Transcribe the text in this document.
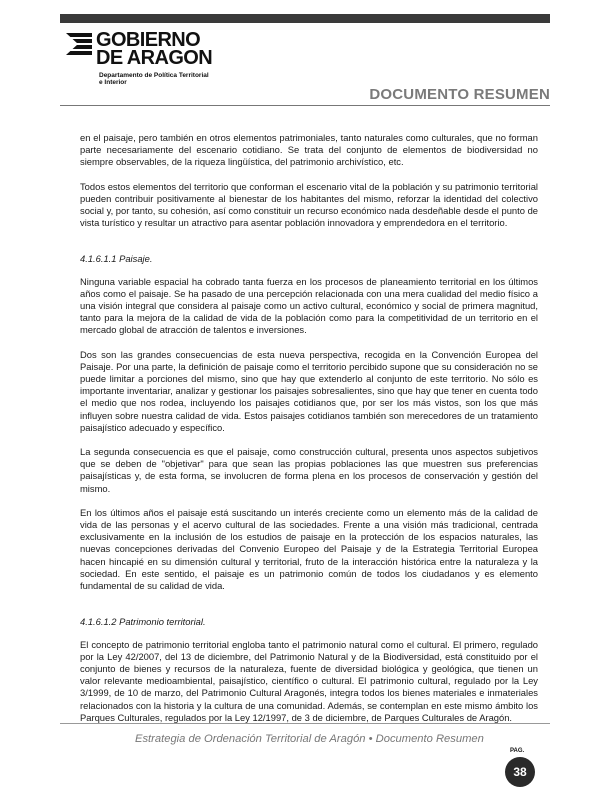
GOBIERNO
DE ARAGON
Departamento de Política Territorial
e Interior
DOCUMENTO RESUMEN

en el paisaje, pero también en otros elementos patrimoniales, tanto naturales como culturales, que no forman parte necesariamente del escenario cotidiano. Se trata del conjunto de elementos de biodiversidad no siempre observables, de la riqueza lingüística, del patrimonio archivístico, etc.

Todos estos elementos del territorio que conforman el escenario vital de la población y su patrimonio territorial pueden contribuir positivamente al bienestar de los habitantes del mismo, reforzar la identidad del colectivo social y, por tanto, su cohesión, así como constituir un recurso económico nada desdeñable desde el punto de vista turístico y resultar un atractivo para asentar población innovadora y emprendedora en el territorio.

4.1.6.1.1 Paisaje.

Ninguna variable espacial ha cobrado tanta fuerza en los procesos de planeamiento territorial en los últimos años como el paisaje. Se ha pasado de una percepción relacionada con una mera cualidad del medio físico a una visión integral que considera al paisaje como un activo cultural, económico y social de primera magnitud, tanto para la mejora de la calidad de vida de la población como para la competitividad de un territorio en el mercado global de atracción de talentos e inversiones.

Dos son las grandes consecuencias de esta nueva perspectiva, recogida en la Convención Europea del Paisaje. Por una parte, la definición de paisaje como el territorio percibido supone que su consideración no se puede limitar a porciones del mismo, sino que hay que extenderlo al conjunto de este territorio. No sólo es importante inventariar, analizar y gestionar los paisajes sobresalientes, sino que hay que tener en cuenta todo el medio que nos rodea, incluyendo los paisajes cotidianos que, por ser los más vistos, son los que más influyen sobre nuestra calidad de vida. Estos paisajes cotidianos también son merecedores de un tratamiento paisajístico adecuado y específico.

La segunda consecuencia es que el paisaje, como construcción cultural, presenta unos aspectos subjetivos que se deben de "objetivar" para que sean las propias poblaciones las que muestren sus preferencias paisajísticas y, de esta forma, se involucren de forma plena en los procesos de conservación y gestión del mismo.

En los últimos años el paisaje está suscitando un interés creciente como un elemento más de la calidad de vida de las personas y el acervo cultural de las sociedades. Frente a una visión más tradicional, centrada exclusivamente en la inclusión de los estudios de paisaje en la protección de los espacios naturales, las nuevas concepciones derivadas del Convenio Europeo del Paisaje y de la Estrategia Territorial Europea hacen hincapié en su dimensión cultural y territorial, fruto de la interacción histórica entre la naturaleza y la sociedad. En este sentido, el paisaje es un patrimonio común de todos los ciudadanos y es elemento fundamental de su calidad de vida.

4.1.6.1.2 Patrimonio territorial.

El concepto de patrimonio territorial engloba tanto el patrimonio natural como el cultural. El primero, regulado por la Ley 42/2007, del 13 de diciembre, del Patrimonio Natural y de la Biodiversidad, está constituido por el conjunto de bienes y recursos de la naturaleza, fuente de diversidad biológica y geológica, que tienen un valor relevante medioambiental, paisajístico, científico o cultural. El patrimonio cultural, regulado por la Ley 3/1999, de 10 de marzo, del Patrimonio Cultural Aragonés, integra todos los bienes materiales e inmateriales relacionados con la historia y la cultura de una comunidad. Además, se contemplan en este mismo ámbito los Parques Culturales, regulados por la Ley 12/1997, de 3 de diciembre, de Parques Culturales de Aragón.

Estrategia de Ordenación Territorial de Aragón • Documento Resumen
PAG.
38
